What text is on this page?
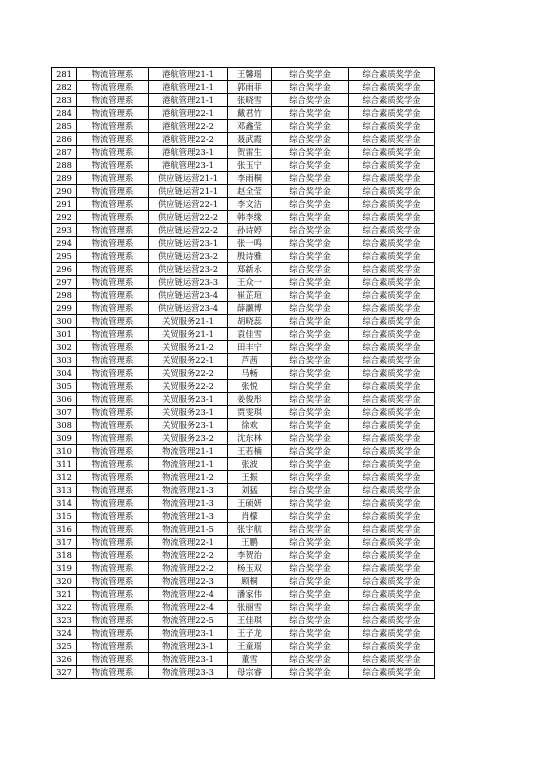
281	物流管理系	港航管理21-1	王馨瑶	综合奖学金	综合素质奖学金
282	物流管理系	港航管理21-1	郭雨菲	综合奖学金	综合素质奖学金
283	物流管理系	港航管理21-1	张晓雪	综合奖学金	综合素质奖学金
284	物流管理系	港航管理22-1	戴君竹	综合奖学金	综合素质奖学金
285	物流管理系	港航管理22-2	邓鑫莹	综合奖学金	综合素质奖学金
286	物流管理系	港航管理22-2	聂武霞	综合奖学金	综合素质奖学金
287	物流管理系	港航管理23-1	贺雷生	综合奖学金	综合素质奖学金
288	物流管理系	港航管理23-1	张玉宁	综合奖学金	综合素质奖学金
289	物流管理系	供应链运营21-1	李雨桐	综合奖学金	综合素质奖学金
290	物流管理系	供应链运营21-1	赵全莹	综合奖学金	综合素质奖学金
291	物流管理系	供应链运营22-1	李文洁	综合奖学金	综合素质奖学金
292	物流管理系	供应链运营22-2	韩李缘	综合奖学金	综合素质奖学金
293	物流管理系	供应链运营22-2	孙诗婷	综合奖学金	综合素质奖学金
294	物流管理系	供应链运营23-1	张一鸣	综合奖学金	综合素质奖学金
295	物流管理系	供应链运营23-2	殷诗雅	综合奖学金	综合素质奖学金
296	物流管理系	供应链运营23-2	郑新永	综合奖学金	综合素质奖学金
297	物流管理系	供应链运营23-3	王众一	综合奖学金	综合素质奖学金
298	物流管理系	供应链运营23-4	崔芷瑄	综合奖学金	综合素质奖学金
299	物流管理系	供应链运营23-4	薛灏博	综合奖学金	综合素质奖学金
300	物流管理系	关贸服务21-1	胡晓蕊	综合奖学金	综合素质奖学金
301	物流管理系	关贸服务21-1	袁佳雪	综合奖学金	综合素质奖学金
302	物流管理系	关贸服务21-2	田丰宁	综合奖学金	综合素质奖学金
303	物流管理系	关贸服务22-1	芦茜	综合奖学金	综合素质奖学金
304	物流管理系	关贸服务22-2	马畅	综合奖学金	综合素质奖学金
305	物流管理系	关贸服务22-2	张悦	综合奖学金	综合素质奖学金
306	物流管理系	关贸服务23-1	姜俊彤	综合奖学金	综合素质奖学金
307	物流管理系	关贸服务23-1	贾雯琪	综合奖学金	综合素质奖学金
308	物流管理系	关贸服务23-1	徐欢	综合奖学金	综合素质奖学金
309	物流管理系	关贸服务23-2	沈东林	综合奖学金	综合素质奖学金
310	物流管理系	物流管理21-1	王若楠	综合奖学金	综合素质奖学金
311	物流管理系	物流管理21-1	张波	综合奖学金	综合素质奖学金
312	物流管理系	物流管理21-2	王振	综合奖学金	综合素质奖学金
313	物流管理系	物流管理21-3	刘猛	综合奖学金	综合素质奖学金
314	物流管理系	物流管理21-3	王硕妍	综合奖学金	综合素质奖学金
315	物流管理系	物流管理21-3	肖檬	综合奖学金	综合素质奖学金
316	物流管理系	物流管理21-5	张宇航	综合奖学金	综合素质奖学金
317	物流管理系	物流管理22-1	王鹏	综合奖学金	综合素质奖学金
318	物流管理系	物流管理22-2	李贺治	综合奖学金	综合素质奖学金
319	物流管理系	物流管理22-2	杨玉双	综合奖学金	综合素质奖学金
320	物流管理系	物流管理22-3	顾桐	综合奖学金	综合素质奖学金
321	物流管理系	物流管理22-4	潘家伟	综合奖学金	综合素质奖学金
322	物流管理系	物流管理22-4	张丽雪	综合奖学金	综合素质奖学金
323	物流管理系	物流管理22-5	王佳琪	综合奖学金	综合素质奖学金
324	物流管理系	物流管理23-1	王子龙	综合奖学金	综合素质奖学金
325	物流管理系	物流管理23-1	王童瑶	综合奖学金	综合素质奖学金
326	物流管理系	物流管理23-1	董雪	综合奖学金	综合素质奖学金
327	物流管理系	物流管理23-3	母宗睿	综合奖学金	综合素质奖学金
